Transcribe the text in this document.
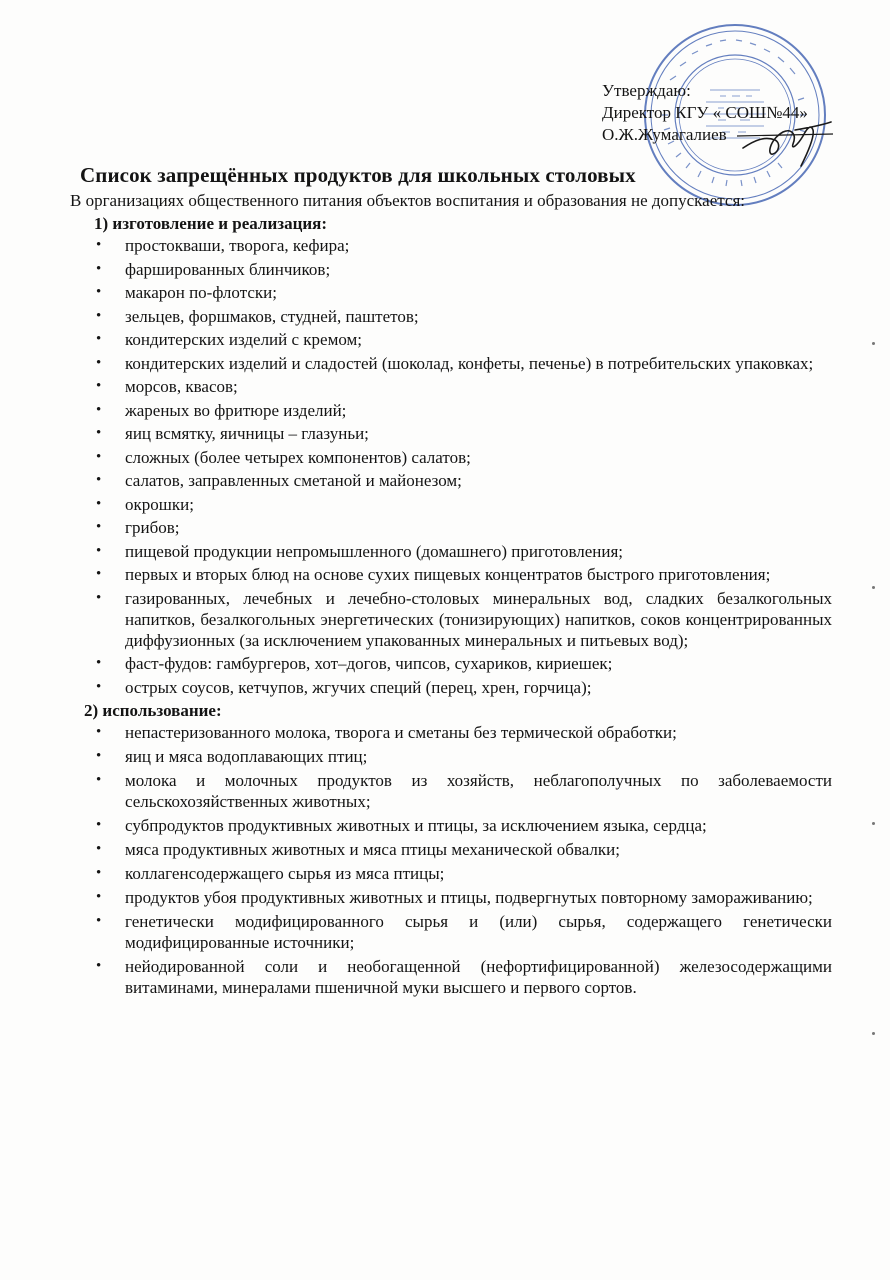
Утверждаю:
Директор КГУ « СОШ№44»
О.Ж.Жумагалиев
Список запрещённых продуктов для школьных столовых

В организациях общественного питания объектов воспитания и образования не допускается:

1) изготовление и реализация:
• простокваши, творога, кефира;
• фаршированных блинчиков;
• макарон по-флотски;
• зельцев, форшмаков, студней, паштетов;
• кондитерских изделий с кремом;
• кондитерских изделий и сладостей (шоколад, конфеты, печенье) в потребительских упаковках;
• морсов, квасов;
• жареных во фритюре изделий;
• яиц всмятку, яичницы – глазуньи;
• сложных (более четырех компонентов) салатов;
• салатов, заправленных сметаной и майонезом;
• окрошки;
• грибов;
• пищевой продукции непромышленного (домашнего) приготовления;
• первых и вторых блюд на основе сухих пищевых концентратов быстрого приготовления;
• газированных, лечебных и лечебно-столовых минеральных вод, сладких безалкогольных напитков, безалкогольных энергетических (тонизирующих) напитков, соков концентрированных диффузионных (за исключением упакованных минеральных и питьевых вод);
• фаст-фудов: гамбургеров, хот–догов, чипсов, сухариков, кириешек;
• острых соусов, кетчупов, жгучих специй (перец, хрен, горчица);
2) использование:
• непастеризованного молока, творога и сметаны без термической обработки;
• яиц и мяса водоплавающих птиц;
• молока и молочных продуктов из хозяйств, неблагополучных по заболеваемости сельскохозяйственных животных;
• субпродуктов продуктивных животных и птицы, за исключением языка, сердца;
• мяса продуктивных животных и мяса птицы механической обвалки;
• коллагенсодержащего сырья из мяса птицы;
• продуктов убоя продуктивных животных и птицы, подвергнутых повторному замораживанию;
• генетически модифицированного сырья и (или) сырья, содержащего генетически модифицированные источники;
• нейодированной соли и необогащенной (нефортифицированной) железосодержащими витаминами, минералами пшеничной муки высшего и первого сортов.
